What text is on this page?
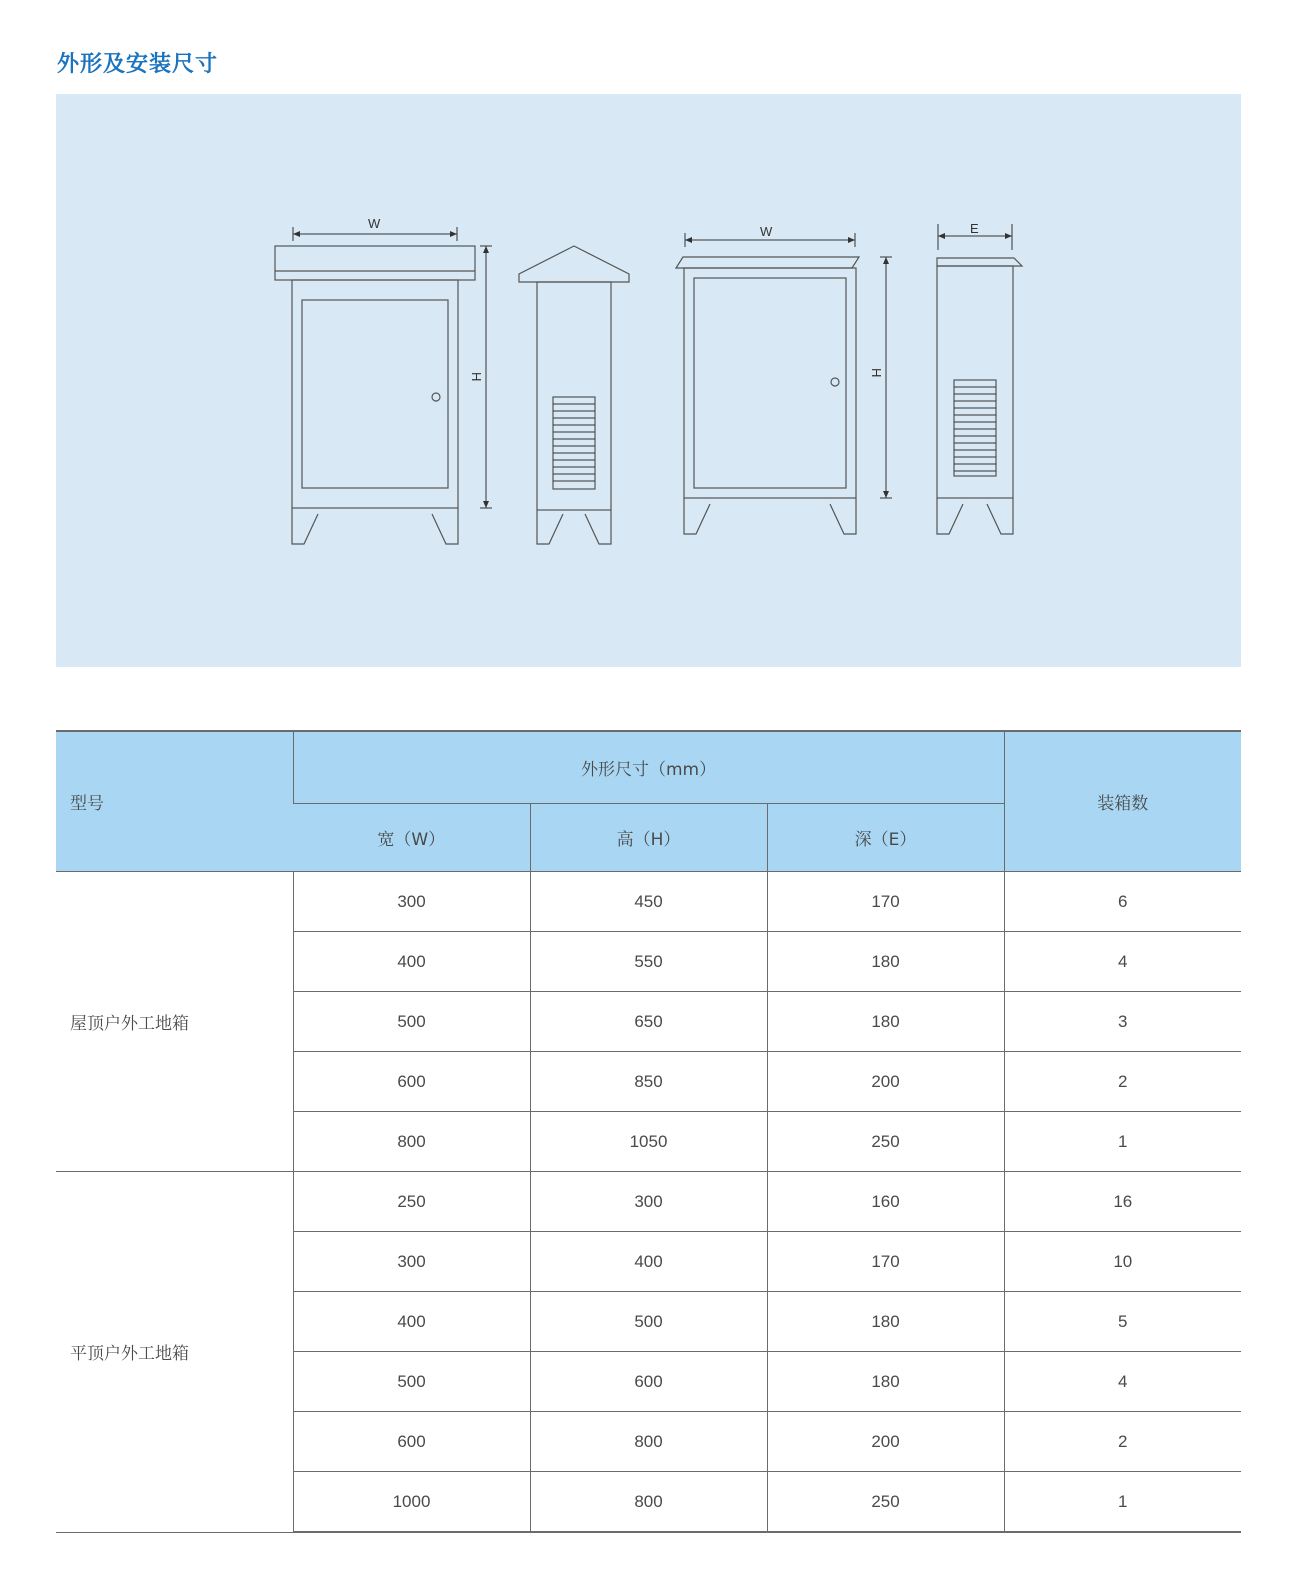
外形及安装尺寸
W
H
W
H
E
型号	外形尺寸（mm）			装箱数
	宽（W）	高（H）	深（E）	
屋顶户外工地箱	300	450	170	6
	400	550	180	4
	500	650	180	3
	600	850	200	2
	800	1050	250	1
平顶户外工地箱	250	300	160	16
	300	400	170	10
	400	500	180	5
	500	600	180	4
	600	800	200	2
	1000	800	250	1
